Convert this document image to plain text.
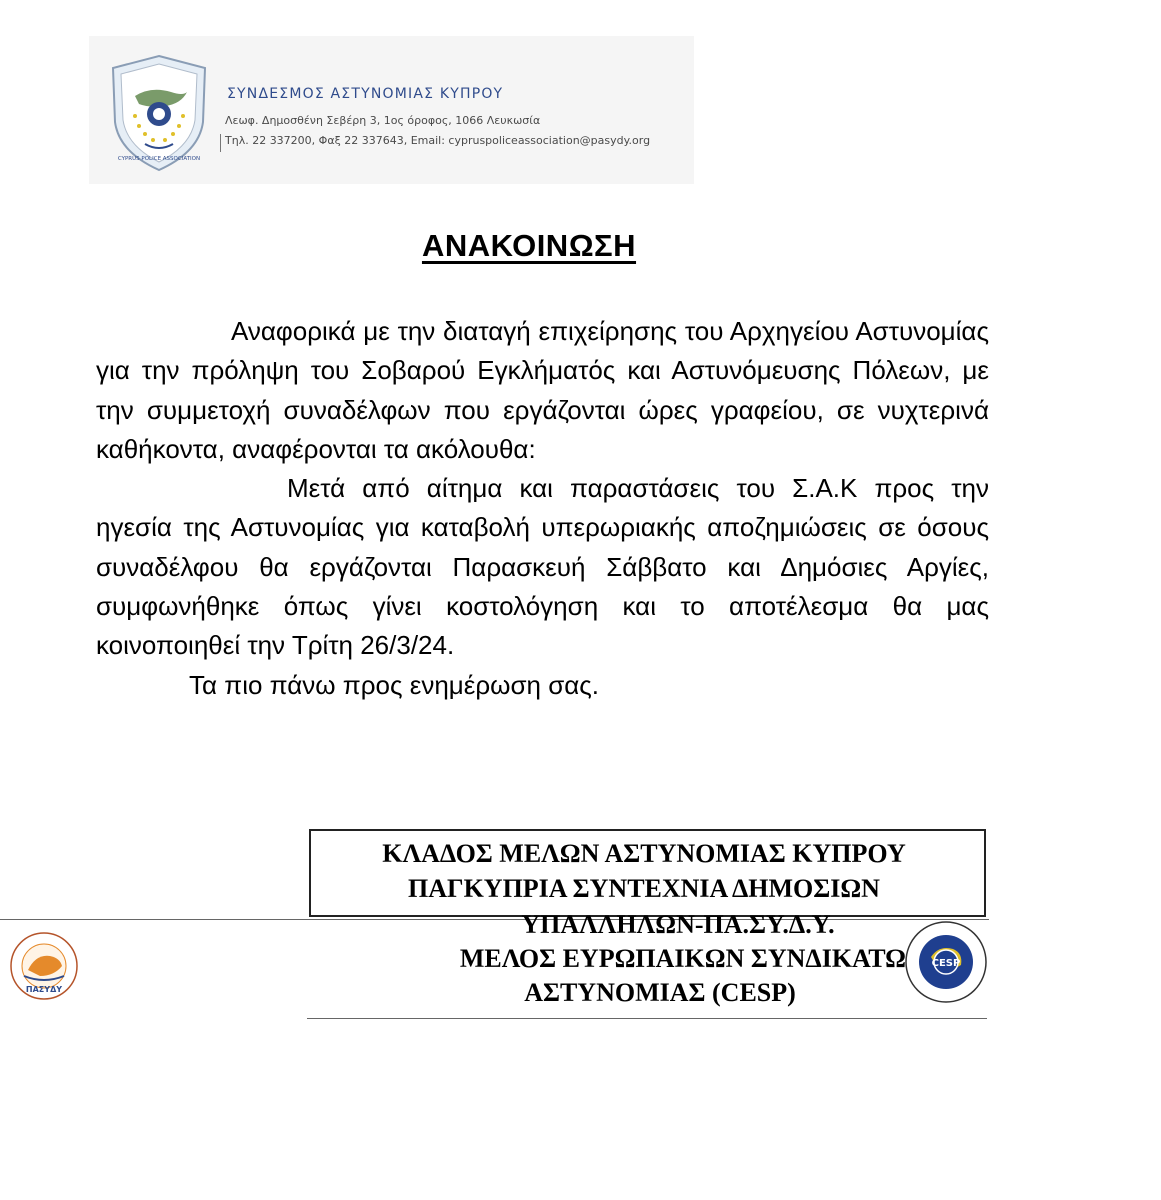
CYPRUS POLICE ASSOCIATION
ΣΥΝΔΕΣΜΟΣ ΑΣΤΥΝΟΜΙΑΣ ΚΥΠΡΟΥ
Λεωφ. Δημοσθένη Σεβέρη 3, 1ος όροφος, 1066 Λευκωσία
Τηλ. 22 337200, Φαξ 22 337643, Email: cypruspoliceassociation@pasydy.org
ΑΝΑΚΟΙΝΩΣΗ

Αναφορικά με την διαταγή επιχείρησης του Αρχηγείου Αστυνομίας για την πρόληψη του Σοβαρού Εγκλήματός και Αστυνόμευσης Πόλεων, με την συμμετοχή συναδέλφων που εργάζονται ώρες γραφείου, σε νυχτερινά καθήκοντα, αναφέρονται τα ακόλουθα:

Μετά από αίτημα και παραστάσεις του Σ.Α.Κ προς την ηγεσία της Αστυνομίας για καταβολή υπερωριακής αποζημιώσεις σε όσους συναδέλφου θα εργάζονται Παρασκευή Σάββατο και Δημόσιες Αργίες, συμφωνήθηκε όπως γίνει κοστολόγηση και το αποτέλεσμα θα μας κοινοποιηθεί την Τρίτη 26/3/24.

Τα πιο πάνω προς ενημέρωση σας.

ΚΛΑΔΟΣ ΜΕΛΩΝ ΑΣΤΥΝΟΜΙΑΣ ΚΥΠΡΟΥ
ΠΑΓΚΥΠΡΙΑ ΣΥΝΤΕΧΝΙΑ ΔΗΜΟΣΙΩΝ
ΥΠΑΛΛΗΛΩΝ-ΠΑ.ΣΥ.Δ.Υ.
ΜΕΛΟΣ ΕΥΡΩΠΑΙΚΩΝ ΣΥΝΔΙΚΑΤΩ
ΑΣΤΥΝΟΜΙΑΣ (CESP)
ΠΑΣΥΔΥ
CESP
